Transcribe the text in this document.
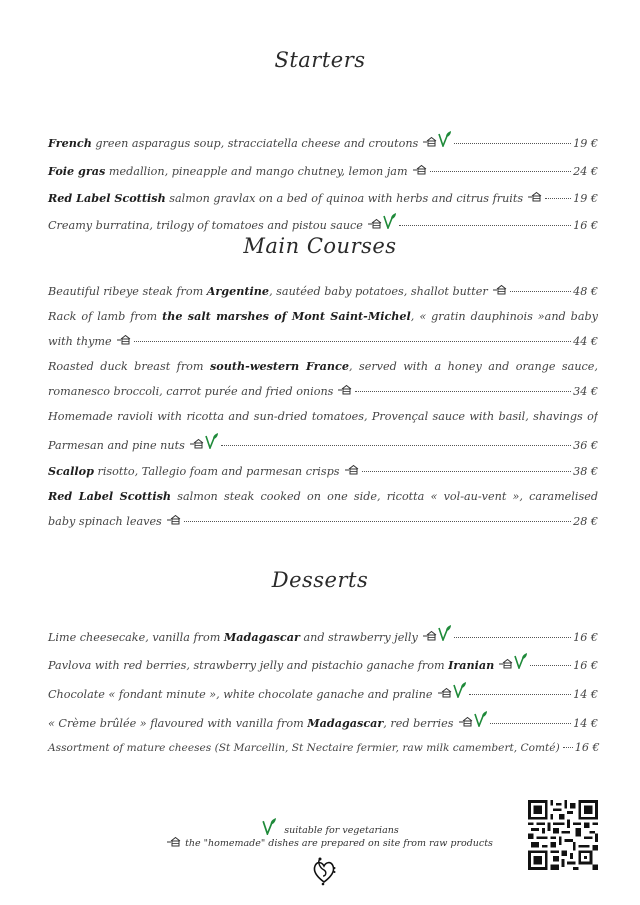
Starters
French green asparagus soup, stracciatella cheese and croutons	19 €
Foie gras medallion, pineapple and mango chutney, lemon jam	24 €
Red Label Scottish salmon gravlax on a bed of quinoa with herbs and citrus fruits	19 €
Creamy burratina, trilogy of tomatoes and pistou sauce	16 €
Main Courses
Beautiful ribeye steak from Argentine, sautéed baby potatoes, shallot butter	48 €
Rack of lamb from the salt marshes of Mont Saint-Michel, « gratin dauphinois »and baby
with thyme	44 €
Roasted duck breast from south-western France, served with a honey and orange sauce,
romanesco broccoli, carrot purée and fried onions	34 €
Homemade ravioli with ricotta and sun-dried tomatoes, Provençal sauce with basil, shavings of
Parmesan and pine nuts	36 €
Scallop risotto, Tallegio foam and parmesan crisps	38 €
Red Label Scottish salmon steak cooked on one side, ricotta « vol-au-vent », caramelised
baby spinach leaves	28 €
Desserts
Lime cheesecake, vanilla from Madagascar and strawberry jelly	16 €
Pavlova with red berries, strawberry jelly and pistachio ganache from Iranian	16 €
Chocolate « fondant minute », white chocolate ganache and praline	14 €
« Crème brûlée » flavoured with vanilla from Madagascar, red berries	14 €
Assortment of mature cheeses (St Marcellin, St Nectaire fermier, raw milk camembert, Comté) 16 €
suitable for vegetarians
the "homemade" dishes are prepared on site from raw products
